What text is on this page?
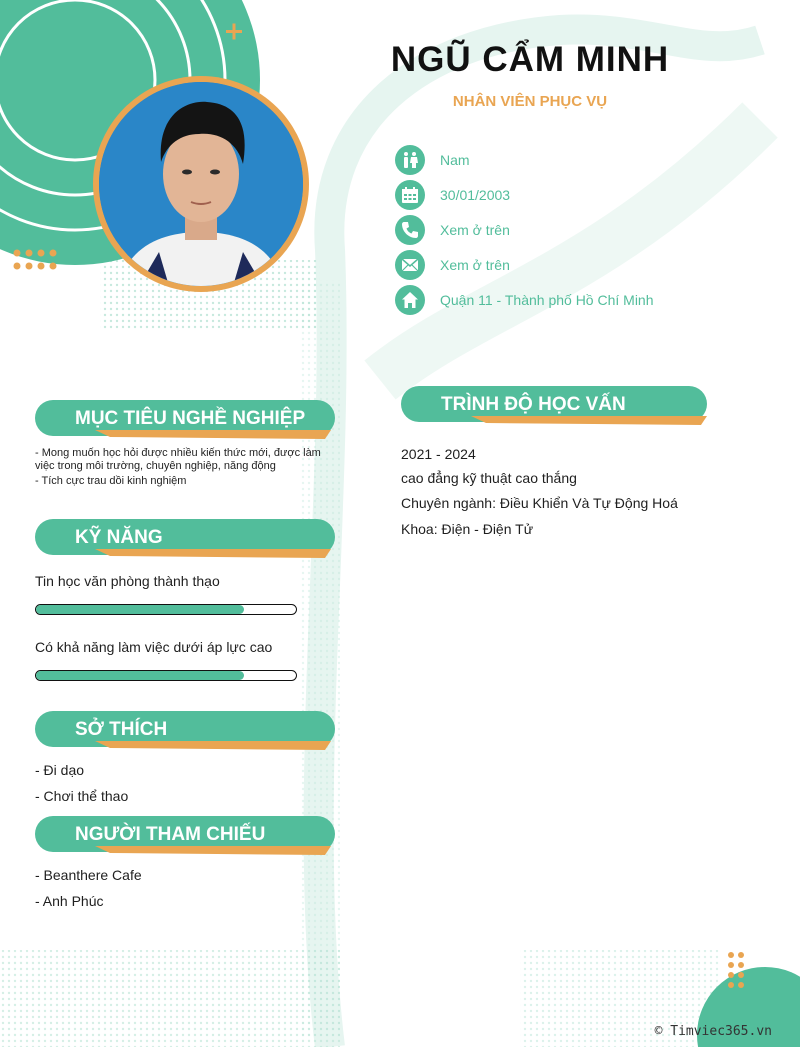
NGŨ CẨM MINH
NHÂN VIÊN PHỤC VỤ
Nam
30/01/2003
Xem ở trên
Xem ở trên
Quận 11 - Thành phố Hồ Chí Minh
MỤC TIÊU NGHỀ NGHIỆP
- Mong muốn học hỏi được nhiều kiến thức mới, được làm việc trong môi trường, chuyên nghiệp, năng động
- Tích cực trau dồi kinh nghiệm
KỸ NĂNG
Tin học văn phòng thành thạo
Có khả năng làm việc dưới áp lực cao
SỞ THÍCH
- Đi dạo
- Chơi thể thao
NGƯỜI THAM CHIẾU
- Beanthere Cafe
- Anh Phúc
TRÌNH ĐỘ HỌC VẤN
2021 - 2024
cao đẳng kỹ thuật cao thắng
Chuyên ngành: Điều Khiển Và Tự Động Hoá
Khoa: Điện - Điện Tử
© Timviec365.vn
